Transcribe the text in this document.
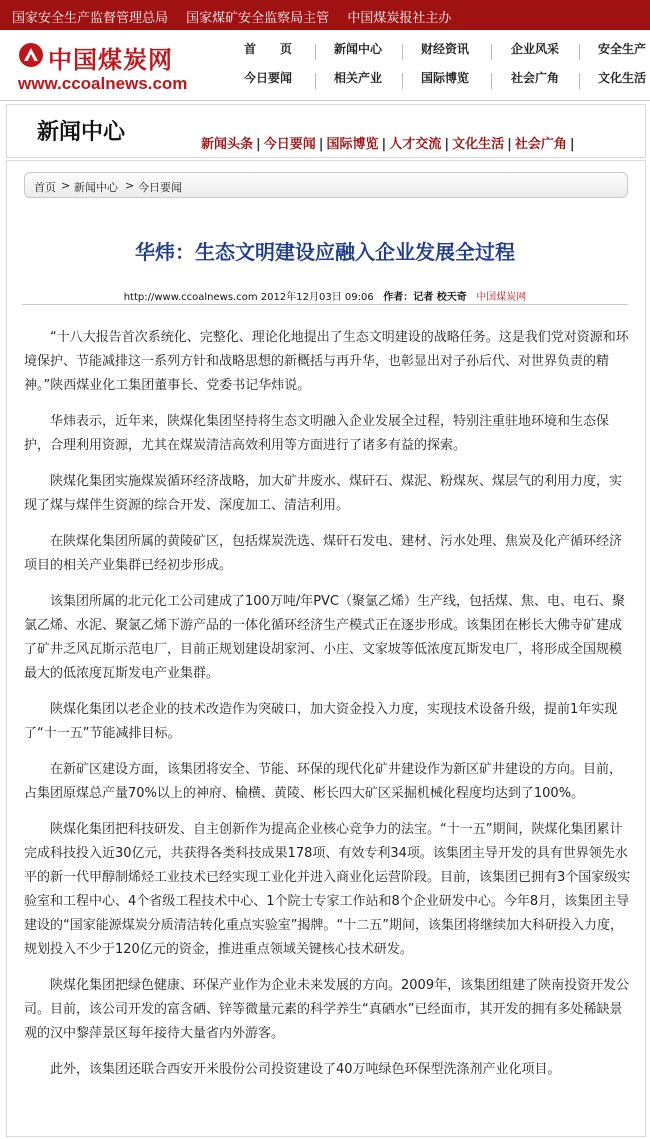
国家安全生产监督管理总局 国家煤矿安全监察局主管 中国煤炭报社主办
中国煤炭网
www.ccoalnews.com
首　　页	新闻中心	财经资讯	企业风采	安全生产
今日要闻	相关产业	国际博览	社会广角	文化生活
新闻中心	新闻头条 | 今日要闻 | 国际博览 | 人才交流 | 文化生活 | 社会广角 |
首页 > 新闻中心 > 今日要闻
华炜：生态文明建设应融入企业发展全过程
http://www.ccoalnews.com 2012年12月03日 09:06 作者：记者 校天奇 中国煤炭网

“十八大报告首次系统化、完整化、理论化地提出了生态文明建设的战略任务。这是我们党对资源和环境保护、节能减排这一系列方针和战略思想的新概括与再升华，也彰显出对子孙后代、对世界负责的精神。”陕西煤业化工集团董事长、党委书记华炜说。

华炜表示，近年来，陕煤化集团坚持将生态文明融入企业发展全过程，特别注重驻地环境和生态保护，合理利用资源，尤其在煤炭清洁高效利用等方面进行了诸多有益的探索。

陕煤化集团实施煤炭循环经济战略，加大矿井废水、煤矸石、煤泥、粉煤灰、煤层气的利用力度，实现了煤与煤伴生资源的综合开发、深度加工、清洁利用。

在陕煤化集团所属的黄陵矿区，包括煤炭洗选、煤矸石发电、建材、污水处理、焦炭及化产循环经济项目的相关产业集群已经初步形成。

该集团所属的北元化工公司建成了100万吨/年PVC（聚氯乙烯）生产线，包括煤、焦、电、电石、聚氯乙烯、水泥、聚氯乙烯下游产品的一体化循环经济生产模式正在逐步形成。该集团在彬长大佛寺矿建成了矿井乏风瓦斯示范电厂，目前正规划建设胡家河、小庄、文家坡等低浓度瓦斯发电厂，将形成全国规模最大的低浓度瓦斯发电产业集群。

陕煤化集团以老企业的技术改造作为突破口，加大资金投入力度，实现技术设备升级，提前1年实现了“十一五”节能减排目标。

在新矿区建设方面，该集团将安全、节能、环保的现代化矿井建设作为新区矿井建设的方向。目前，占集团原煤总产量70%以上的神府、榆横、黄陵、彬长四大矿区采掘机械化程度均达到了100%。

陕煤化集团把科技研发、自主创新作为提高企业核心竞争力的法宝。“十一五”期间，陕煤化集团累计完成科技投入近30亿元，共获得各类科技成果178项、有效专利34项。该集团主导开发的具有世界领先水平的新一代甲醇制烯烃工业技术已经实现工业化并进入商业化运营阶段。目前，该集团已拥有3个国家级实验室和工程中心、4个省级工程技术中心、1个院士专家工作站和8个企业研发中心。今年8月，该集团主导建设的“国家能源煤炭分质清洁转化重点实验室”揭牌。“十二五”期间，该集团将继续加大科研投入力度，规划投入不少于120亿元的资金，推进重点领域关键核心技术研发。

陕煤化集团把绿色健康、环保产业作为企业未来发展的方向。2009年，该集团组建了陕南投资开发公司。目前，该公司开发的富含硒、锌等微量元素的科学养生“真硒水”已经面市，其开发的拥有多处稀缺景观的汉中黎萍景区每年接待大量省内外游客。

此外，该集团还联合西安开米股份公司投资建设了40万吨绿色环保型洗涤剂产业化项目。
